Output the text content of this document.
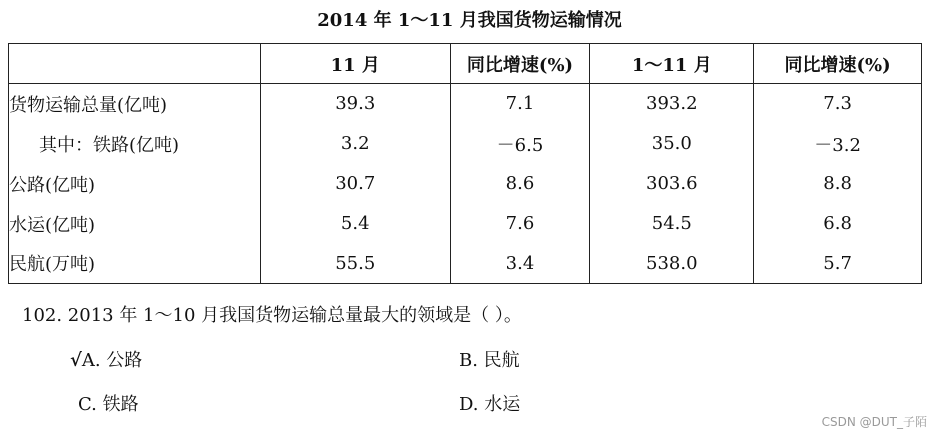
2014 年 1～11 月我国货物运输情况
	11 月	同比增速(%)	1～11 月	同比增速(%)
货物运输总量(亿吨)	39.3	7.1	393.2	7.3
其中：铁路(亿吨)	3.2	－6.5	35.0	－3.2
公路(亿吨)	30.7	8.6	303.6	8.8
水运(亿吨)	5.4	7.6	54.5	6.8
民航(万吨)	55.5	3.4	538.0	5.7
102. 2013 年 1～10 月我国货物运输总量最大的领域是（ ）。
√A. 公路	B. 民航
C. 铁路	D. 水运
CSDN @DUT_子陌
